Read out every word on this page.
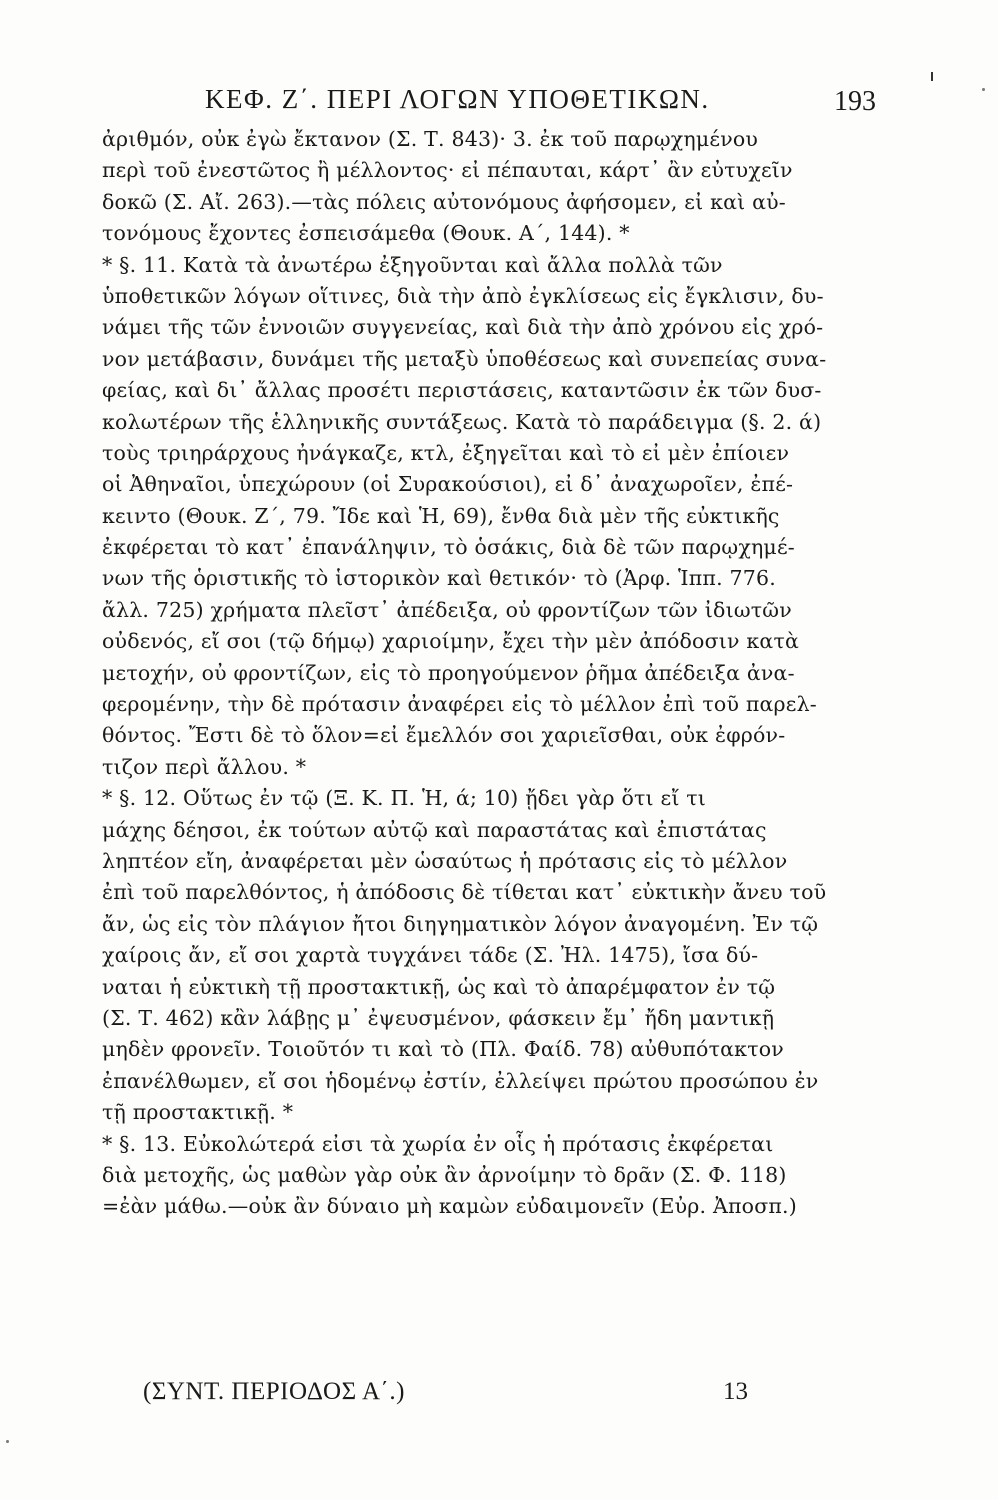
ΚΕΦ. Ζ΄. ΠΕΡΙ ΛΟΓΩΝ ΥΠΟΘΕΤΙΚΩΝ.	193
ἀριθμόν, οὐκ ἐγὼ ἔκτανον (Σ. Τ. 843)· 3. ἐκ τοῦ παρῳχημένου
περὶ τοῦ ἐνεστῶτος ἢ μέλλοντος· εἰ πέπαυται, κάρτ᾽ ἂν εὐτυχεῖν
δοκῶ (Σ. Αἴ. 263).—τὰς πόλεις αὐτονόμους ἀφήσομεν, εἰ καὶ αὐ-
τονόμους ἔχοντες ἐσπεισάμεθα (Θουκ. Α΄, 144). *
* §. 11. Κατὰ τὰ ἀνωτέρω ἐξηγοῦνται καὶ ἄλλα πολλὰ τῶν
ὑποθετικῶν λόγων οἵτινες, διὰ τὴν ἀπὸ ἐγκλίσεως εἰς ἔγκλισιν, δυ-
νάμει τῆς τῶν ἐννοιῶν συγγενείας, καὶ διὰ τὴν ἀπὸ χρόνου εἰς χρό-
νον μετάβασιν, δυνάμει τῆς μεταξὺ ὑποθέσεως καὶ συνεπείας συνα-
φείας, καὶ δι᾽ ἄλλας προσέτι περιστάσεις, καταντῶσιν ἐκ τῶν δυσ-
κολωτέρων τῆς ἑλληνικῆς συντάξεως. Κατὰ τὸ παράδειγμα (§. 2. ά)
τοὺς τριηράρχους ἠνάγκαζε, κτλ, ἐξηγεῖται καὶ τὸ εἰ μὲν ἐπίοιεν
οἱ Ἀθηναῖοι, ὑπεχώρουν (οἱ Συρακούσιοι), εἰ δ᾽ ἀναχωροῖεν, ἐπέ-
κειντο (Θουκ. Ζ΄, 79. Ἴδε καὶ Ἡ, 69), ἔνθα διὰ μὲν τῆς εὐκτικῆς
ἐκφέρεται τὸ κατ᾽ ἐπανάληψιν, τὸ ὁσάκις, διὰ δὲ τῶν παρῳχημέ-
νων τῆς ὁριστικῆς τὸ ἱστορικὸν καὶ θετικόν· τὸ (Ἀρφ. Ἱππ. 776.
ἄλλ. 725) χρήματα πλεῖστ᾽ ἀπέδειξα, οὐ φροντίζων τῶν ἰδιωτῶν
οὐδενός, εἴ σοι (τῷ δήμῳ) χαριοίμην, ἔχει τὴν μὲν ἀπόδοσιν κατὰ
μετοχήν, οὐ φροντίζων, εἰς τὸ προηγούμενον ῥῆμα ἀπέδειξα ἀνα-
φερομένην, τὴν δὲ πρότασιν ἀναφέρει εἰς τὸ μέλλον ἐπὶ τοῦ παρελ-
θόντος. Ἔστι δὲ τὸ ὅλον=εἰ ἔμελλόν σοι χαριεῖσθαι, οὐκ ἐφρόν-
τιζον περὶ ἄλλου. *
* §. 12. Οὕτως ἐν τῷ (Ξ. Κ. Π. Ἡ, ά; 10) ᾔδει γὰρ ὅτι εἴ τι
μάχης δέησοι, ἐκ τούτων αὐτῷ καὶ παραστάτας καὶ ἐπιστάτας
ληπτέον εἴη, ἀναφέρεται μὲν ὡσαύτως ἡ πρότασις εἰς τὸ μέλλον
ἐπὶ τοῦ παρελθόντος, ἡ ἀπόδοσις δὲ τίθεται κατ᾽ εὐκτικὴν ἄνευ τοῦ
ἄν, ὡς εἰς τὸν πλάγιον ἤτοι διηγηματικὸν λόγον ἀναγομένη. Ἐν τῷ
χαίροις ἄν, εἴ σοι χαρτὰ τυγχάνει τάδε (Σ. Ἠλ. 1475), ἴσα δύ-
ναται ἡ εὐκτικὴ τῇ προστακτικῇ, ὡς καὶ τὸ ἀπαρέμφατον ἐν τῷ
(Σ. Τ. 462) κἂν λάβῃς μ᾽ ἐψευσμένον, φάσκειν ἔμ᾽ ἤδη μαντικῇ
μηδὲν φρονεῖν. Τοιοῦτόν τι καὶ τὸ (Πλ. Φαίδ. 78) αὐθυπότακτον
ἐπανέλθωμεν, εἴ σοι ἡδομένῳ ἐστίν, ἐλλείψει πρώτου προσώπου ἐν
τῇ προστακτικῇ. *
* §. 13. Εὐκολώτερά εἰσι τὰ χωρία ἐν οἷς ἡ πρότασις ἐκφέρεται
διὰ μετοχῆς, ὡς μαθὼν γὰρ οὐκ ἂν ἀρνοίμην τὸ δρᾶν (Σ. Φ. 118)
=ἐὰν μάθω.—οὐκ ἂν δύναιο μὴ καμὼν εὐδαιμονεῖν (Εὐρ. Ἀποσπ.)
(ΣΥΝΤ. ΠΕΡΙΟΔΟΣ Α΄.)	13
